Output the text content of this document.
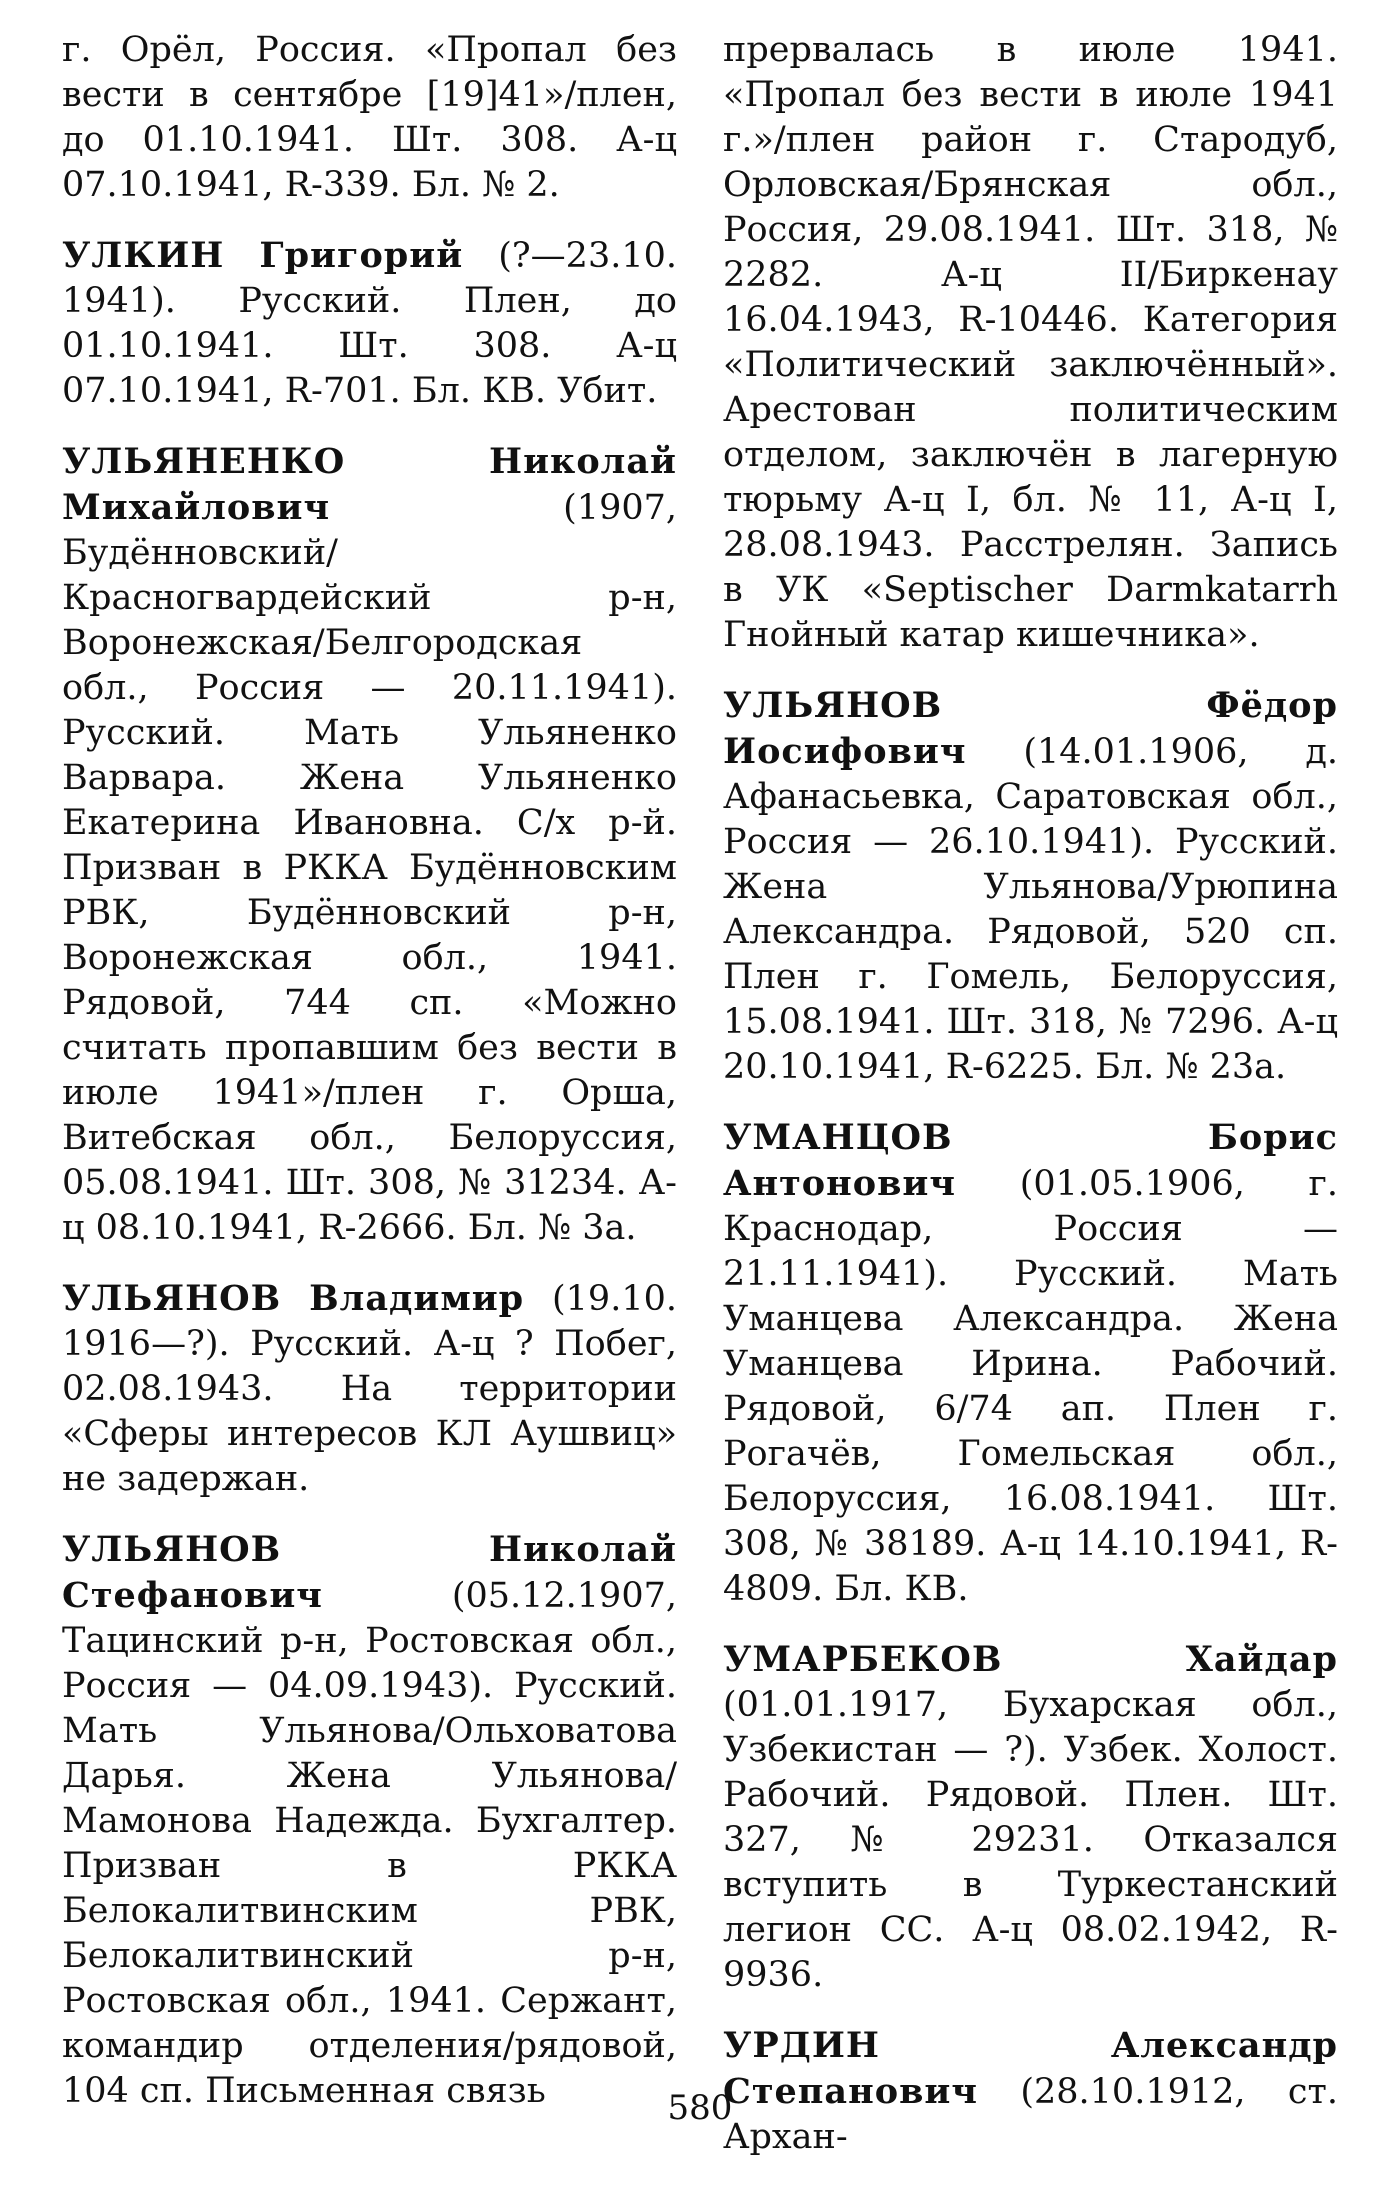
г. Орёл, Россия. «Пропал без вести в сентябре [19]41»/плен, до 01.10.1941. Шт. 308. А-ц 07.10.1941, R-339. Бл. № 2.

УЛКИН Григорий (?—23.10. 1941). Русский. Плен, до 01.10.1941. Шт. 308. А-ц 07.10.1941, R-701. Бл. КВ. Убит.

УЛЬЯНЕНКО	Николай Михайлович	(1907, Будённовский/Красногвардейский р-н, Воронежская/Белгородская обл., Россия — 20.11.1941). Русский. Мать Ульяненко Варвара. Жена Ульяненко Екатерина Ивановна. С/х р-й. Призван в РККА Будённовским РВК, Будённовский р-н, Воронежская обл., 1941. Рядовой, 744 сп. «Можно считать пропавшим без вести в июле 1941»/плен г. Орша, Витебская обл., Белоруссия, 05.08.1941. Шт. 308, № 31234. А-ц 08.10.1941, R-2666. Бл. № 3а.

УЛЬЯНОВ Владимир (19.10. 1916—?). Русский. А-ц ? Побег, 02.08.1943. На территории «Сферы интересов КЛ Аушвиц» не задержан.

УЛЬЯНОВ	Николай Стефанович	(05.12.1907, Тацинский р-н, Ростовская обл., Россия — 04.09.1943). Русский. Мать Ульянова/Ольховатова Дарья. Жена Ульянова/Мамонова Надежда. Бухгалтер. Призван в РККА Белокалитвинским РВК, Белокалитвинский р-н, Ростовская обл., 1941. Сержант, командир отделения/рядовой, 104 сп. Письменная связь

прервалась в июле 1941. «Пропал без вести в июле 1941 г.»/плен район г. Стародуб, Орловская/Брянская обл., Россия, 29.08.1941. Шт. 318, № 2282. А-ц II/Биркенау 16.04.1943, R-10446. Категория «Политический заключённый». Арестован политическим отделом, заключён в лагерную тюрьму А-ц I, бл. № 11, А-ц I, 28.08.1943. Расстрелян. Запись в УК «Septischer Darmkatarrh Гнойный катар кишечника».

УЛЬЯНОВ	Фёдор Иосифович (14.01.1906, д. Афанасьевка, Саратовская обл., Россия — 26.10.1941). Русский. Жена Ульянова/Урюпина Александра. Рядовой, 520 сп. Плен г. Гомель, Белоруссия, 15.08.1941. Шт. 318, № 7296. А-ц 20.10.1941, R-6225. Бл. № 23а.

УМАНЦОВ	Борис Антонович (01.05.1906, г. Краснодар, Россия — 21.11.1941). Русский. Мать Уманцева Александра. Жена Уманцева Ирина. Рабочий. Рядовой, 6/74 ап. Плен г. Рогачёв, Гомельская обл., Белоруссия, 16.08.1941. Шт. 308, № 38189. А-ц 14.10.1941, R-4809. Бл. КВ.

УМАРБЕКОВ	Хайдар (01.01.1917, Бухарская обл., Узбекистан — ?). Узбек. Холост. Рабочий. Рядовой. Плен. Шт. 327, № 29231. Отказался вступить в Туркестанский легион СС. А-ц 08.02.1942, R-9936.

УРДИН	Александр Степанович (28.10.1912, ст. Архан-

580
